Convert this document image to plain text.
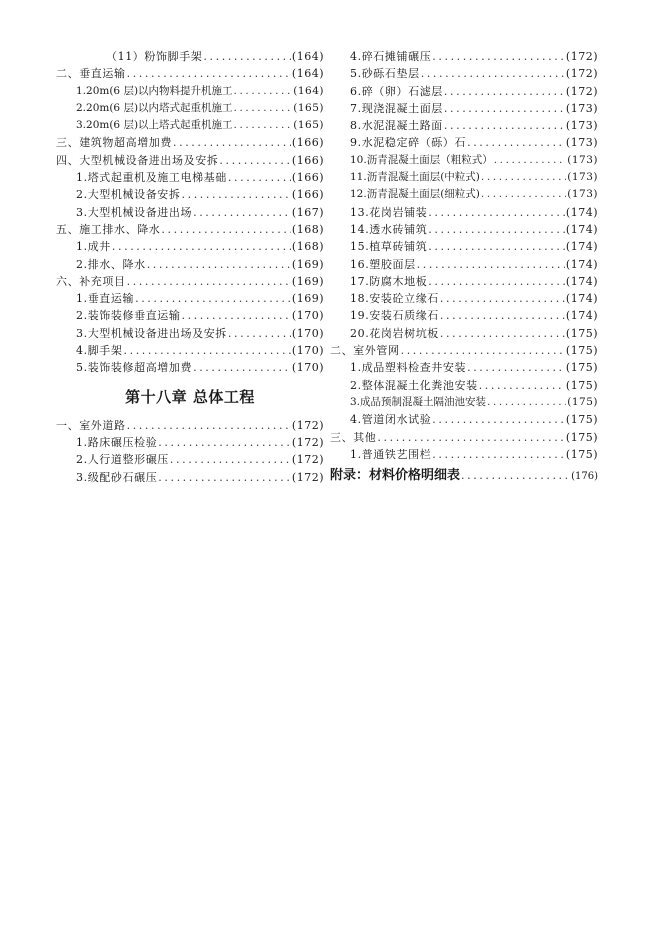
（11）粉饰脚手架 .....	(164)
二、垂直运输 .....	(164)
1.20m(6 层)以内物料提升机施工 .....	(164)
2.20m(6 层)以内塔式起重机施工 .....	(165)
3.20m(6 层)以上塔式起重机施工 .....	(165)
三、建筑物超高增加费 .....	(166)
四、大型机械设备进出场及安拆 .....	(166)
1.塔式起重机及施工电梯基础 .....	(166)
2.大型机械设备安拆 .....	(166)
3.大型机械设备进出场 .....	(167)
五、施工排水、降水 .....	(168)
1.成井 .....	(168)
2.排水、降水 .....	(169)
六、补充项目 .....	(169)
1.垂直运输 .....	(169)
2.装饰装修垂直运输 .....	(170)
3.大型机械设备进出场及安拆 .....	(170)
4.脚手架 .....	(170)
5.装饰装修超高增加费 .....	(170)
第十八章 总体工程
一、室外道路 .....	(172)
1.路床碾压检验 .....	(172)
2.人行道整形碾压 .....	(172)
3.级配砂石碾压 .....	(172)
4.碎石摊铺碾压 .....	(172)
5.砂砾石垫层 .....	(172)
6.碎（卵）石滤层 .....	(172)
7.现浇混凝土面层 .....	(173)
8.水泥混凝土路面 .....	(173)
9.水泥稳定碎（砾）石 .....	(173)
10.沥青混凝土面层（粗粒式） .....	(173)
11.沥青混凝土面层(中粒式) .....	(173)
12.沥青混凝土面层(细粒式) .....	(173)
13.花岗岩铺装 .....	(174)
14.透水砖铺筑 .....	(174)
15.植草砖铺筑 .....	(174)
16.塑胶面层 .....	(174)
17.防腐木地板 .....	(174)
18.安装砼立缘石 .....	(174)
19.安装石质缘石 .....	(174)
20.花岗岩树坑板 .....	(175)
二、室外管网 .....	(175)
1.成品塑料检查井安装 .....	(175)
2.整体混凝土化粪池安装 .....	(175)
3.成品预制混凝土隔油池安装 .....	(175)
4.管道闭水试验 .....	(175)
三、其他 .....	(175)
1.普通铁艺围栏 .....	(175)
附录：材料价格明细表 .....	(176)
